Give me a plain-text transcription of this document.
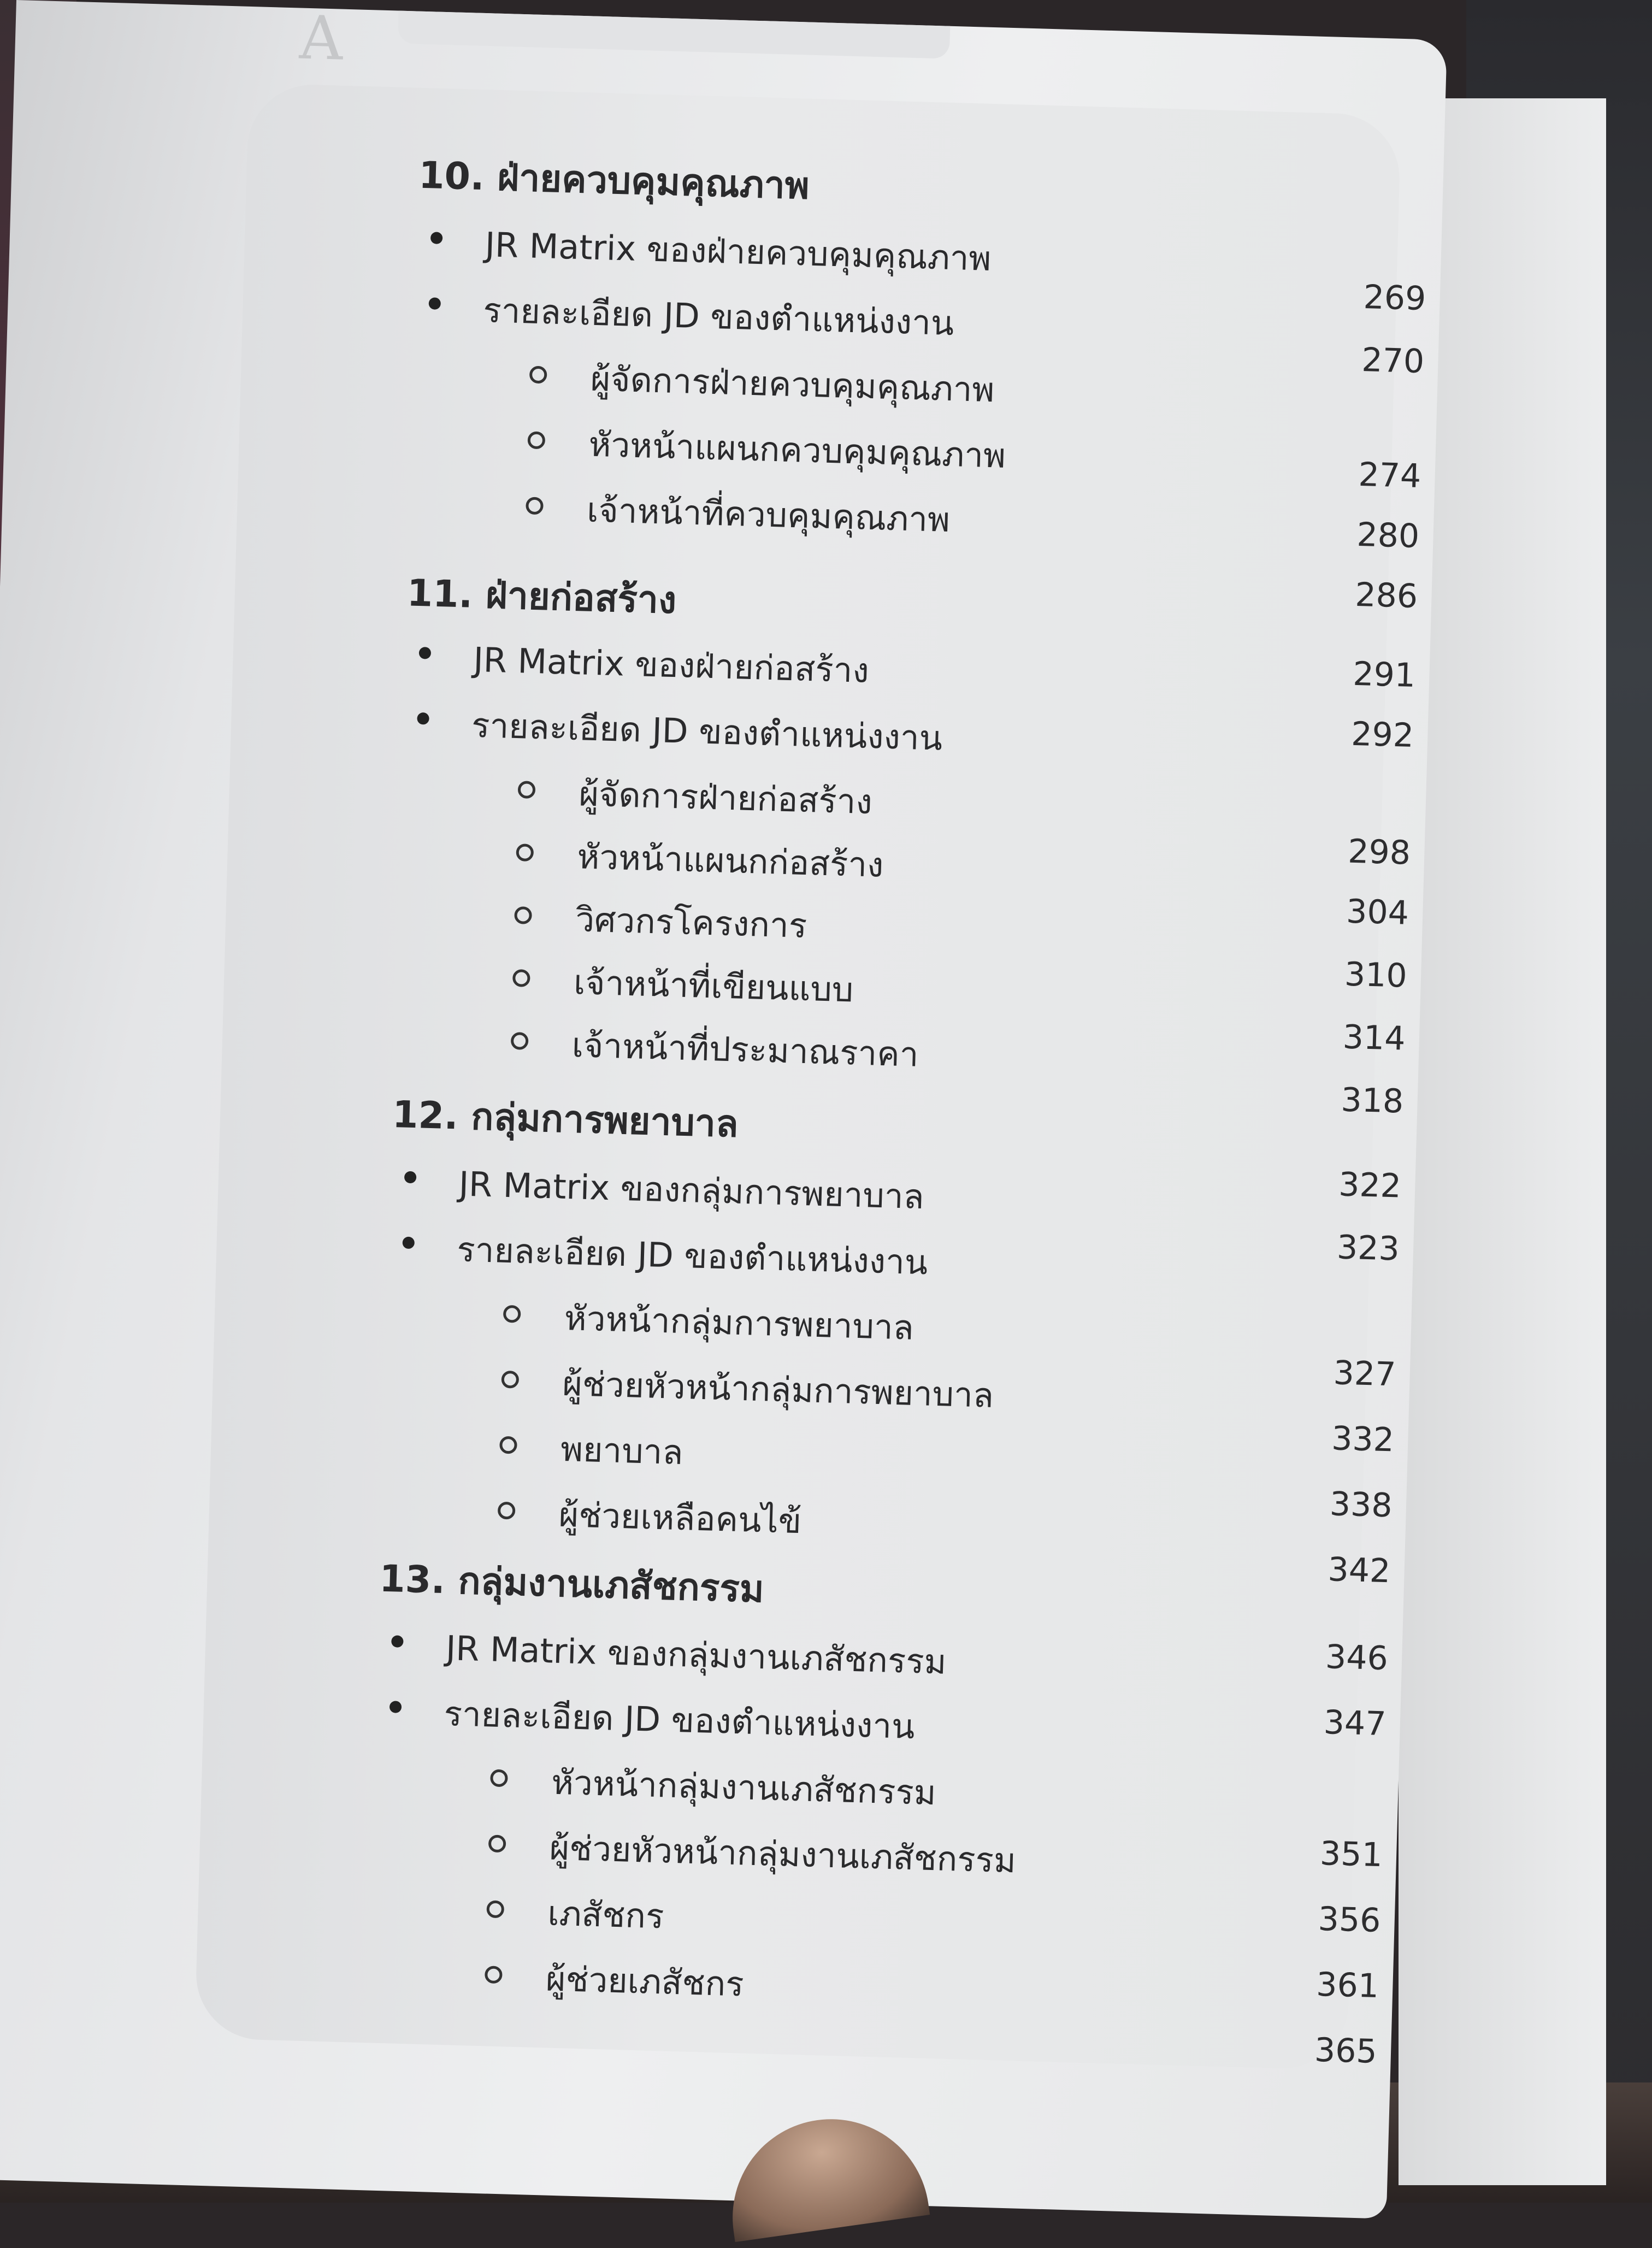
A
10. ฝ่ายควบคุมคุณภาพ
JR Matrix ของฝ่ายควบคุมคุณภาพ
รายละเอียด JD ของตำแหน่งงาน
ผู้จัดการฝ่ายควบคุมคุณภาพ
หัวหน้าแผนกควบคุมคุณภาพ
เจ้าหน้าที่ควบคุมคุณภาพ
269
270
274
280
286
11. ฝ่ายก่อสร้าง
JR Matrix ของฝ่ายก่อสร้าง
รายละเอียด JD ของตำแหน่งงาน
ผู้จัดการฝ่ายก่อสร้าง
หัวหน้าแผนกก่อสร้าง
วิศวกรโครงการ
เจ้าหน้าที่เขียนแบบ
เจ้าหน้าที่ประมาณราคา
291
292
298
304
310
314
318
12. กลุ่มการพยาบาล
JR Matrix ของกลุ่มการพยาบาล
รายละเอียด JD ของตำแหน่งงาน
หัวหน้ากลุ่มการพยาบาล
ผู้ช่วยหัวหน้ากลุ่มการพยาบาล
พยาบาล
ผู้ช่วยเหลือคนไข้
322
323
327
332
338
342
13. กลุ่มงานเภสัชกรรม
JR Matrix ของกลุ่มงานเภสัชกรรม
รายละเอียด JD ของตำแหน่งงาน
หัวหน้ากลุ่มงานเภสัชกรรม
ผู้ช่วยหัวหน้ากลุ่มงานเภสัชกรรม
เภสัชกร
ผู้ช่วยเภสัชกร
346
347
351
356
361
365
